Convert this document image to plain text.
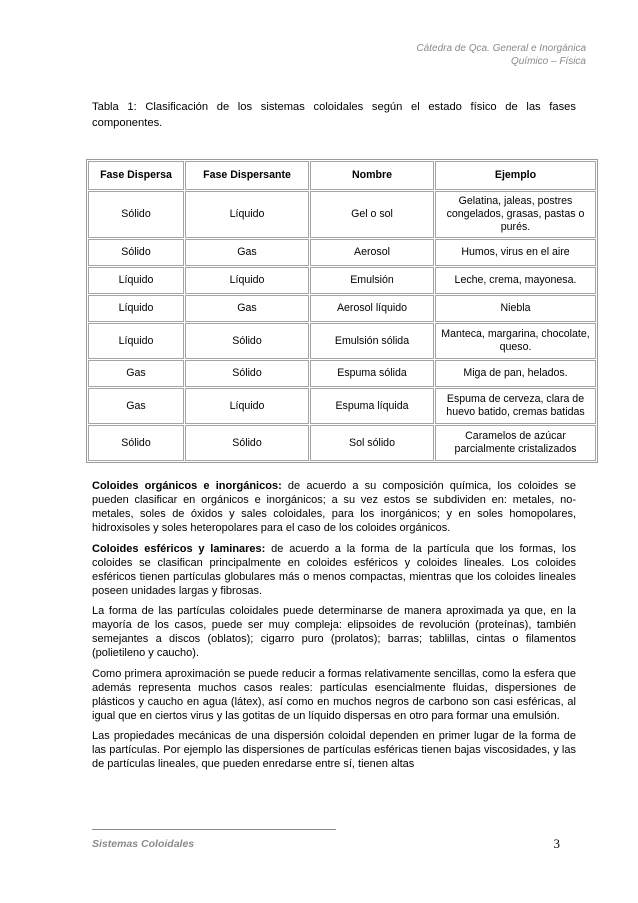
Cátedra de Qca. General e Inorgánica
Químico – Física
Tabla 1: Clasificación de los sistemas coloidales según el estado físico de las fases componentes.
Fase Dispersa	Fase Dispersante	Nombre	Ejemplo
Sólido	Líquido	Gel o sol	Gelatina, jaleas, postres congelados, grasas, pastas o purés.
Sólido	Gas	Aerosol	Humos, virus en el aire
Líquido	Líquido	Emulsión	Leche, crema, mayonesa.
Líquido	Gas	Aerosol líquido	Niebla
Líquido	Sólido	Emulsión sólida	Manteca, margarina, chocolate, queso.
Gas	Sólido	Espuma sólida	Miga de pan, helados.
Gas	Líquido	Espuma líquida	Espuma de cerveza, clara de huevo batido, cremas batidas
Sólido	Sólido	Sol sólido	Caramelos de azúcar parcialmente cristalizados

Coloides orgánicos e inorgánicos: de acuerdo a su composición química, los coloides se pueden clasificar en orgánicos e inorgánicos; a su vez estos se subdividen en: metales, no-metales, soles de óxidos y sales coloidales, para los inorgánicos; y en soles homopolares, hidroxisoles y soles heteropolares para el caso de los coloides orgánicos.

Coloides esféricos y laminares: de acuerdo a la forma de la partícula que los formas, los coloides se clasifican principalmente en coloides esféricos y coloides lineales. Los coloides esféricos tienen partículas globulares más o menos compactas, mientras que los coloides lineales poseen unidades largas y fibrosas.

La forma de las partículas coloidales puede determinarse de manera aproximada ya que, en la mayoría de los casos, puede ser muy compleja: elipsoides de revolución (proteínas), también semejantes a discos (oblatos); cigarro puro (prolatos); barras; tablillas, cintas o filamentos (polietileno y caucho).

Como primera aproximación se puede reducir a formas relativamente sencillas, como la esfera que además representa muchos casos reales: partículas esencialmente fluidas, dispersiones de plásticos y caucho en agua (látex), así como en muchos negros de carbono son casi esféricas, al igual que en ciertos virus y las gotitas de un líquido dispersas en otro para formar una emulsión.

Las propiedades mecánicas de una dispersión coloidal dependen en primer lugar de la forma de las partículas. Por ejemplo las dispersiones de partículas esféricas tienen bajas viscosidades, y las de partículas lineales, que pueden enredarse entre sí, tienen altas

Sistemas Coloidales	3
